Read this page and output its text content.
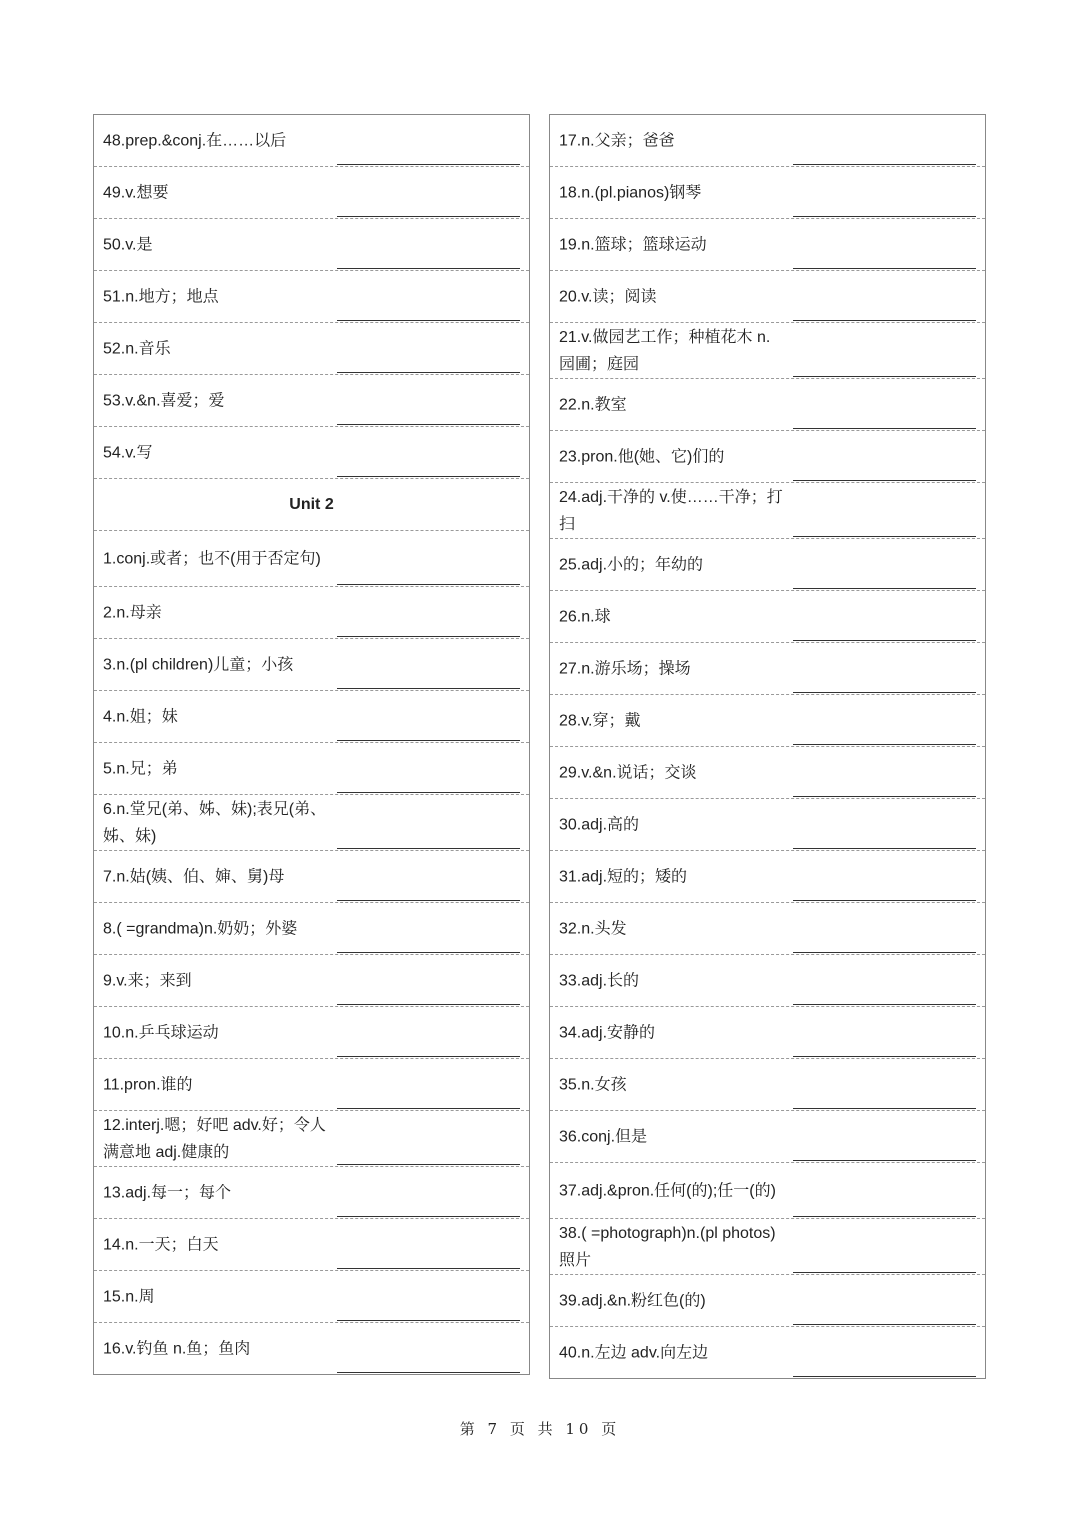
48.prep.&conj.在……以后
49.v.想要
50.v.是
51.n.地方；地点
52.n.音乐
53.v.&n.喜爱；爱
54.v.写
Unit 2
1.conj.或者；也不(用于否定句)
2.n.母亲
3.n.(pl children)儿童；小孩
4.n.姐；妹
5.n.兄；弟
6.n.堂兄(弟、姊、妹);表兄(弟、姊、妹)
7.n.姑(姨、伯、婶、舅)母
8.( =grandma)n.奶奶；外婆
9.v.来；来到
10.n.乒乓球运动
11.pron.谁的
12.interj.嗯；好吧 adv.好；令人满意地 adj.健康的
13.adj.每一；每个
14.n.一天；白天
15.n.周
16.v.钓鱼 n.鱼；鱼肉
17.n.父亲；爸爸
18.n.(pl.pianos)钢琴
19.n.篮球；篮球运动
20.v.读；阅读
21.v.做园艺工作；种植花木 n.园圃；庭园
22.n.教室
23.pron.他(她、它)们的
24.adj.干净的 v.使……干净；打扫
25.adj.小的；年幼的
26.n.球
27.n.游乐场；操场
28.v.穿；戴
29.v.&n.说话；交谈
30.adj.高的
31.adj.短的；矮的
32.n.头发
33.adj.长的
34.adj.安静的
35.n.女孩
36.conj.但是
37.adj.&pron.任何(的);任一(的)
38.( =photograph)n.(pl photos)照片
39.adj.&n.粉红色(的)
40.n.左边 adv.向左边
第 7 页 共 10 页
